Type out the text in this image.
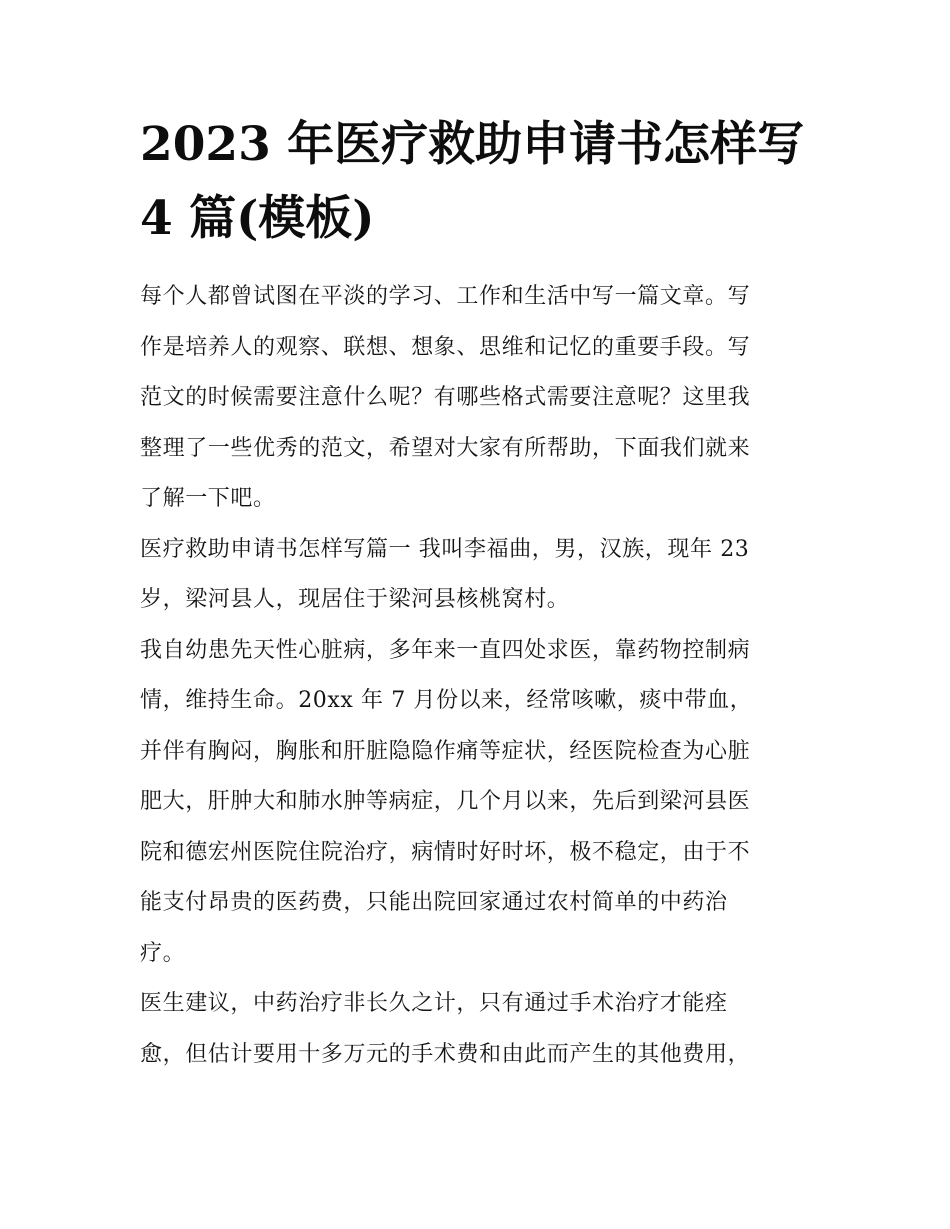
2023 年医疗救助申请书怎样写
4 篇(模板)

每个人都曾试图在平淡的学习、工作和生活中写一篇文章。写
作是培养人的观察、联想、想象、思维和记忆的重要手段。写
范文的时候需要注意什么呢？有哪些格式需要注意呢？这里我
整理了一些优秀的范文，希望对大家有所帮助，下面我们就来
了解一下吧。

医疗救助申请书怎样写篇一 我叫李福曲，男，汉族，现年 23
岁，梁河县人，现居住于梁河县核桃窝村。

我自幼患先天性心脏病，多年来一直四处求医，靠药物控制病
情，维持生命。20xx 年 7 月份以来，经常咳嗽，痰中带血，
并伴有胸闷，胸胀和肝脏隐隐作痛等症状，经医院检查为心脏
肥大，肝肿大和肺水肿等病症，几个月以来，先后到梁河县医
院和德宏州医院住院治疗，病情时好时坏，极不稳定，由于不
能支付昂贵的医药费，只能出院回家通过农村简单的中药治
疗。

医生建议，中药治疗非长久之计，只有通过手术治疗才能痊
愈，但估计要用十多万元的手术费和由此而产生的其他费用，
